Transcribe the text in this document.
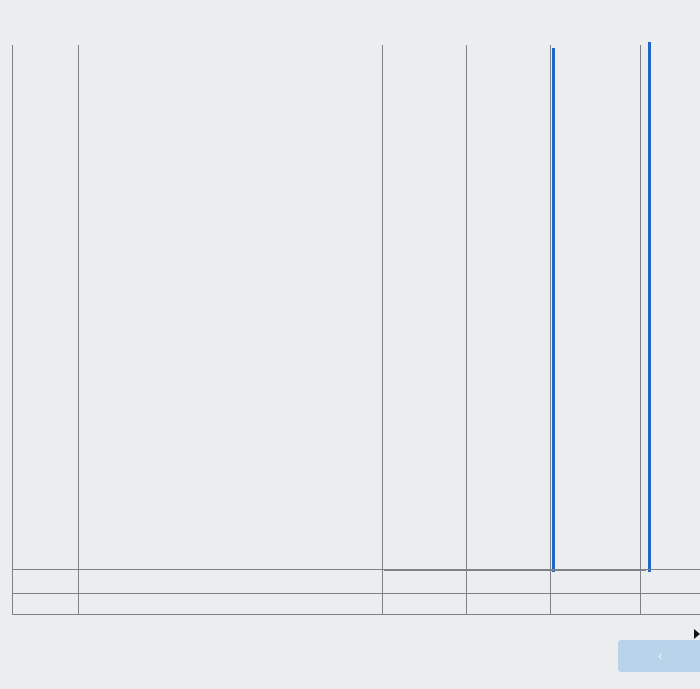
‹
